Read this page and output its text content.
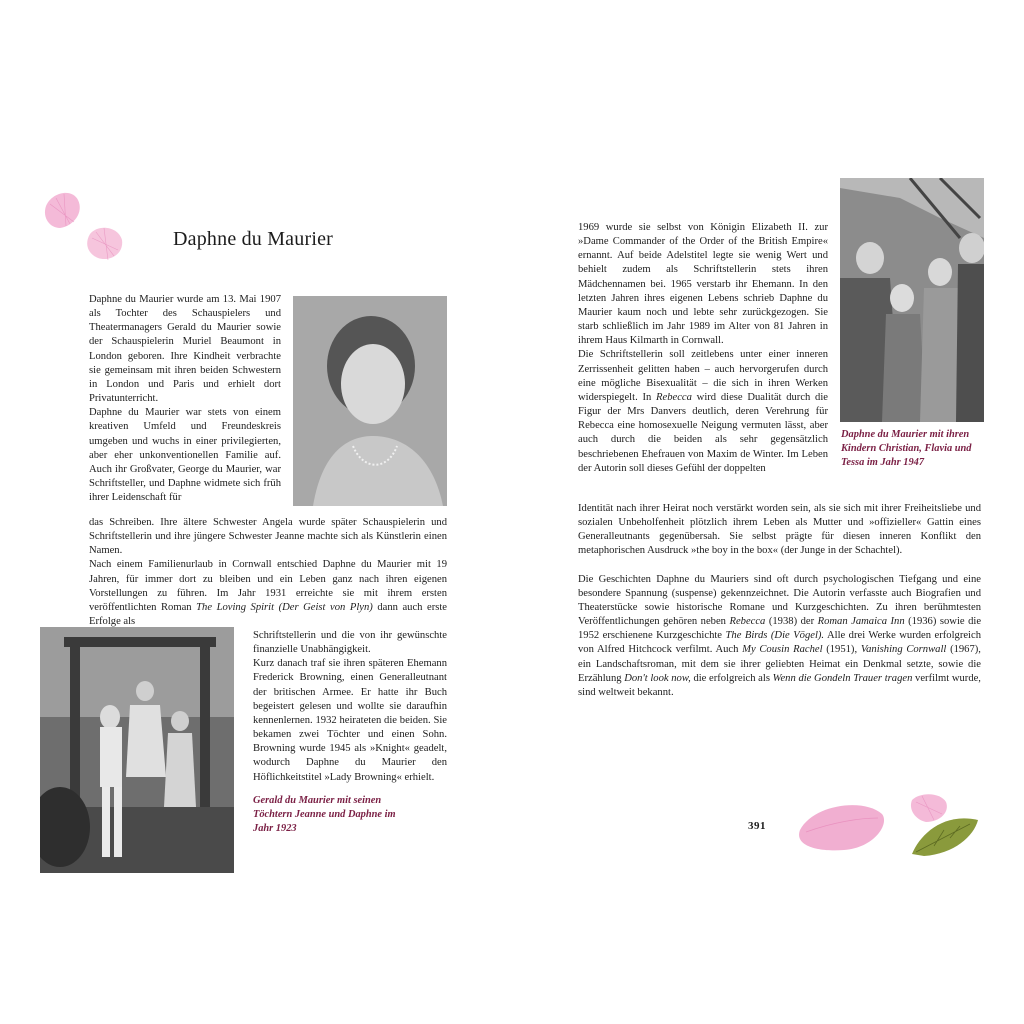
Daphne du Maurier

Daphne du Maurier wurde am 13. Mai 1907 als Tochter des Schauspielers und Theatermanagers Gerald du Maurier sowie der Schauspielerin Muriel Beaumont in London geboren. Ihre Kindheit verbrachte sie gemeinsam mit ihren beiden Schwestern in London und Paris und erhielt dort Privatunterricht.

Daphne du Maurier war stets von einem kreativen Umfeld und Freundeskreis umgeben und wuchs in einer privilegierten, aber eher unkonventionellen Familie auf. Auch ihr Großvater, George du Maurier, war Schriftsteller, und Daphne widmete sich früh ihrer Leidenschaft für

das Schreiben. Ihre ältere Schwester Angela wurde später Schauspielerin und Schriftstellerin und ihre jüngere Schwester Jeanne machte sich als Künstlerin einen Namen.

Nach einem Familienurlaub in Cornwall entschied Daphne du Maurier mit 19 Jahren, für immer dort zu bleiben und ein Leben ganz nach ihren eigenen Vorstellungen zu führen. Im Jahr 1931 erreichte sie mit ihrem ersten veröffentlichten Roman The Loving Spirit (Der Geist von Plyn) dann auch erste Erfolge als

Schriftstellerin und die von ihr gewünschte finanzielle Unabhängigkeit.

Kurz danach traf sie ihren späteren Ehemann Frederick Browning, einen Generalleutnant der britischen Armee. Er hatte ihr Buch begeistert gelesen und wollte sie daraufhin kennenlernen. 1932 heirateten die beiden. Sie bekamen zwei Töchter und einen Sohn. Browning wurde 1945 als »Knight« geadelt, wodurch Daphne du Maurier den Höflichkeitstitel »Lady Browning« erhielt.

Gerald du Maurier mit seinen Töchtern Jeanne und Daphne im Jahr 1923

1969 wurde sie selbst von Königin Elizabeth II. zur »Dame Commander of the Order of the British Empire« ernannt. Auf beide Adelstitel legte sie wenig Wert und behielt zudem als Schriftstellerin stets ihren Mädchennamen bei. 1965 verstarb ihr Ehemann. In den letzten Jahren ihres eigenen Lebens schrieb Daphne du Maurier kaum noch und lebte sehr zurückgezogen. Sie starb schließlich im Jahr 1989 im Alter von 81 Jahren in ihrem Haus Kilmarth in Cornwall.

Die Schriftstellerin soll zeitlebens unter einer inneren Zerrissenheit gelitten haben – auch hervorgerufen durch eine mögliche Bisexualität – die sich in ihren Werken widerspiegelt. In Rebecca wird diese Dualität durch die Figur der Mrs Danvers deutlich, deren Verehrung für Rebecca eine homosexuelle Neigung vermuten lässt, aber auch durch die beiden als sehr gegensätzlich beschriebenen Ehefrauen von Maxim de Winter. Im Leben der Autorin soll dieses Gefühl der doppelten

Daphne du Maurier mit ihren Kindern Christian, Flavia und Tessa im Jahr 1947

Identität nach ihrer Heirat noch verstärkt worden sein, als sie sich mit ihrer Freiheitsliebe und sozialen Unbeholfenheit plötzlich ihrem Leben als Mutter und »offizieller« Gattin eines Generalleutnants gegenübersah. Sie selbst prägte für diesen inneren Konflikt den metaphorischen Ausdruck »the boy in the box« (der Junge in der Schachtel).

Die Geschichten Daphne du Mauriers sind oft durch psychologischen Tiefgang und eine besondere Spannung (suspense) gekennzeichnet. Die Autorin verfasste auch Biografien und Theaterstücke sowie historische Romane und Kurzgeschichten. Zu ihren berühmtesten Veröffentlichungen gehören neben Rebecca (1938) der Roman Jamaica Inn (1936) sowie die 1952 erschienene Kurzgeschichte The Birds (Die Vögel). Alle drei Werke wurden erfolgreich von Alfred Hitchcock verfilmt. Auch My Cousin Rachel (1951), Vanishing Cornwall (1967), ein Landschaftsroman, mit dem sie ihrer geliebten Heimat ein Denkmal setzte, sowie die Erzählung Don't look now, die erfolgreich als Wenn die Gondeln Trauer tragen verfilmt wurde, sind weltweit bekannt.

391
